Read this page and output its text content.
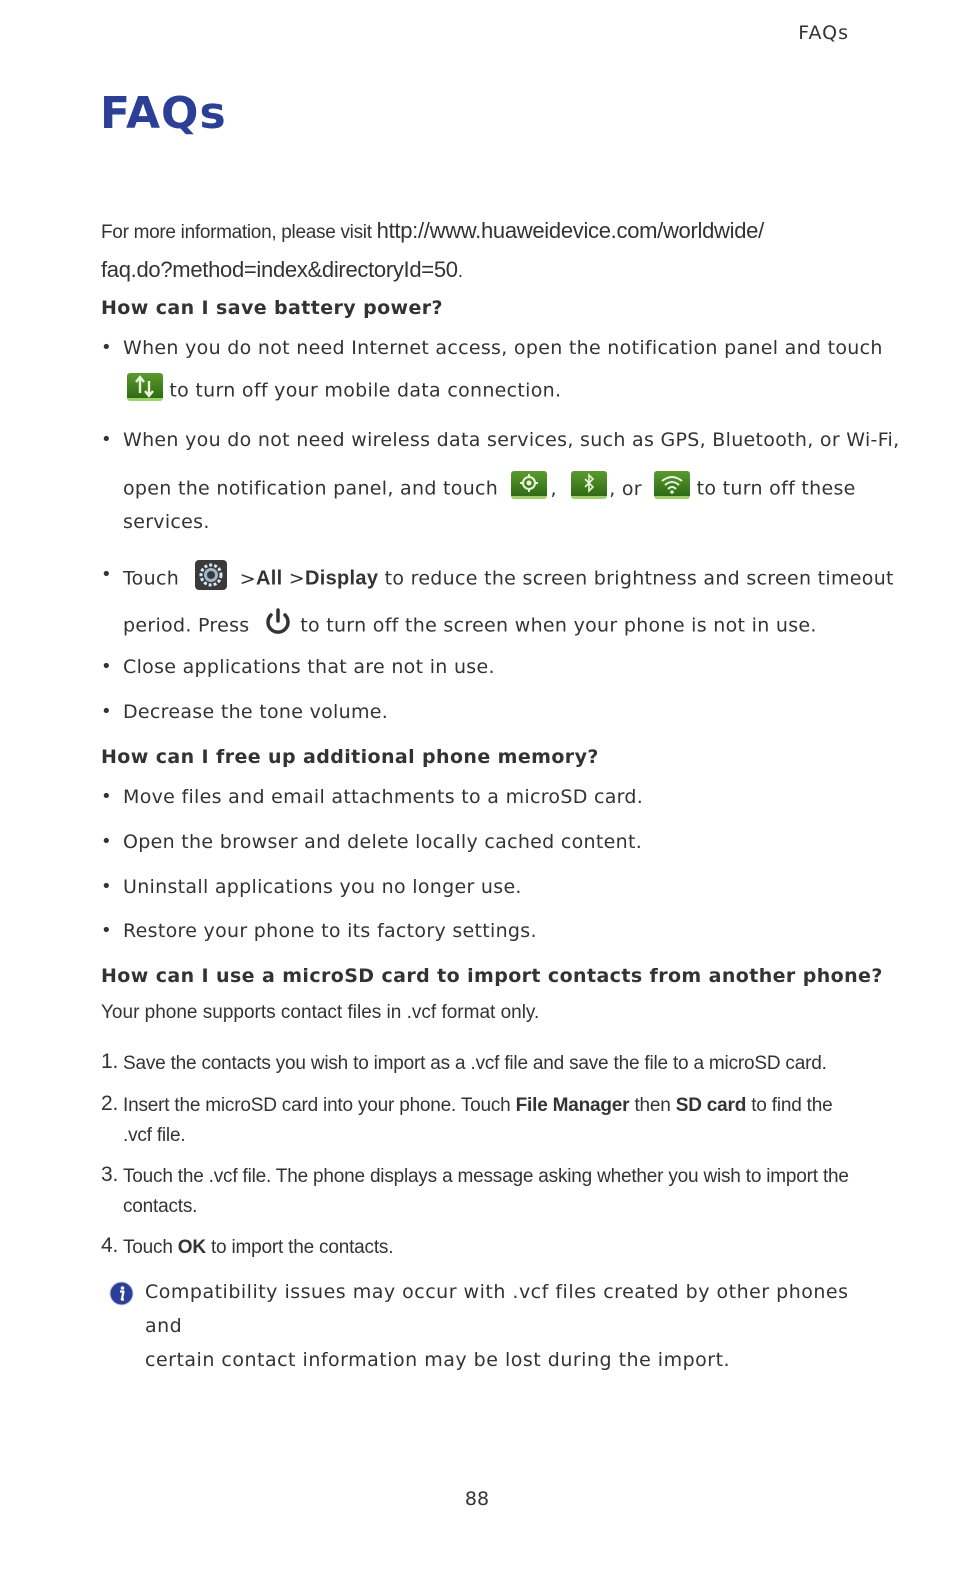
FAQs
FAQs
For more information, please visit http://www.huaweidevice.com/worldwide/
faq.do?method=index&directoryId=50.
How can I save battery power?
• When you do not need Internet access, open the notification panel and touch
to turn off your mobile data connection.
• When you do not need wireless data services, such as GPS, Bluetooth, or Wi-Fi,
open the notification panel, and touch	,	, or	to turn off these
services.
• Touch	>All >Display to reduce the screen brightness and screen timeout
period. Press	to turn off the screen when your phone is not in use.
• Close applications that are not in use.
• Decrease the tone volume.
How can I free up additional phone memory?
• Move files and email attachments to a microSD card.
• Open the browser and delete locally cached content.
• Uninstall applications you no longer use.
• Restore your phone to its factory settings.
How can I use a microSD card to import contacts from another phone?
Your phone supports contact files in .vcf format only.
1. Save the contacts you wish to import as a .vcf file and save the file to a microSD card.
2. Insert the microSD card into your phone. Touch File Manager then SD card to find the
.vcf file.
3. Touch the .vcf file. The phone displays a message asking whether you wish to import the
contacts.
4. Touch OK to import the contacts.
Compatibility issues may occur with .vcf files created by other phones and
certain contact information may be lost during the import.
88
